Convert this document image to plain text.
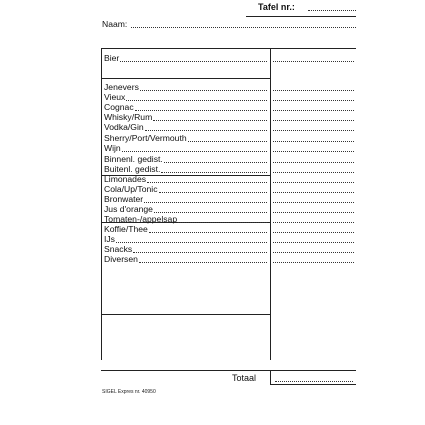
Tafel nr.:
Naam:
Bier
Jenevers
Vieux
Cognac
Whisky/Rum
Vodka/Gin
Sherry/Port/Vermouth
Wijn
Binnenl. gedist.
Buitenl. gedist.
Limonades
Cola/Up/Tonic
Bronwater
Jus d'orange
Tomaten-/appelsap
Koffie/Thee
IJs
Snacks
Diversen
Totaal
SIGEL Expres nr. 40950
